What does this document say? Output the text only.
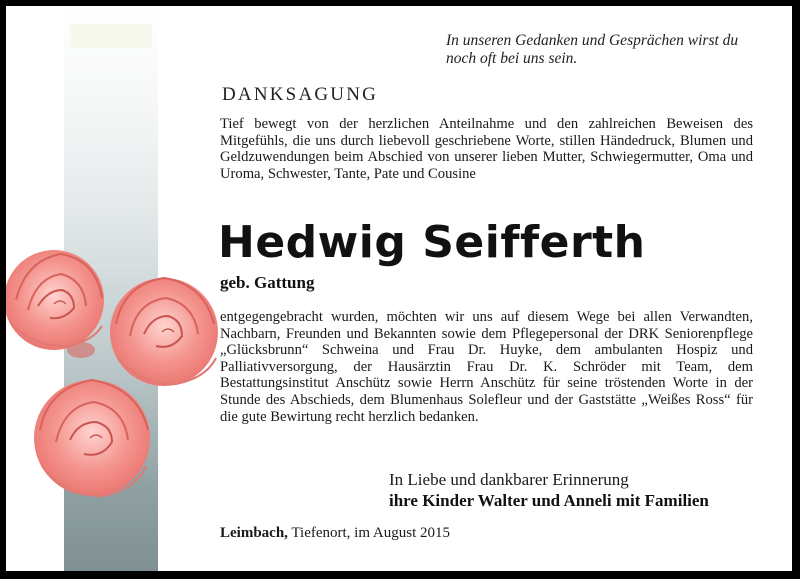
In unseren Gedanken und Gesprächen wirst du noch oft bei uns sein.
DANKSAGUNG
Tief bewegt von der herzlichen Anteilnahme und den zahlreichen Beweisen des Mitgefühls, die uns durch liebevoll geschriebene Worte, stillen Händedruck, Blumen und Geldzuwendungen beim Abschied von unserer lieben Mutter, Schwiegermutter, Oma und Uroma, Schwester, Tante, Pate und Cousine
Hedwig Seifferth
geb. Gattung
entgegengebracht wurden, möchten wir uns auf diesem Wege bei allen Verwandten, Nachbarn, Freunden und Bekannten sowie dem Pflegepersonal der DRK Seniorenpflege „Glücksbrunn“ Schweina und Frau Dr. Huyke, dem ambulanten Hospiz und Palliativversorgung, der Hausärztin Frau Dr. K. Schröder mit Team, dem Bestattungsinstitut Anschütz sowie Herrn Anschütz für seine tröstenden Worte in der Stunde des Abschieds, dem Blumenhaus Solefleur und der Gaststätte „Weißes Ross“ für die gute Bewirtung recht herzlich bedanken.
In Liebe und dankbarer Erinnerung
ihre Kinder Walter und Anneli mit Familien
Leimbach, Tiefenort, im August 2015
